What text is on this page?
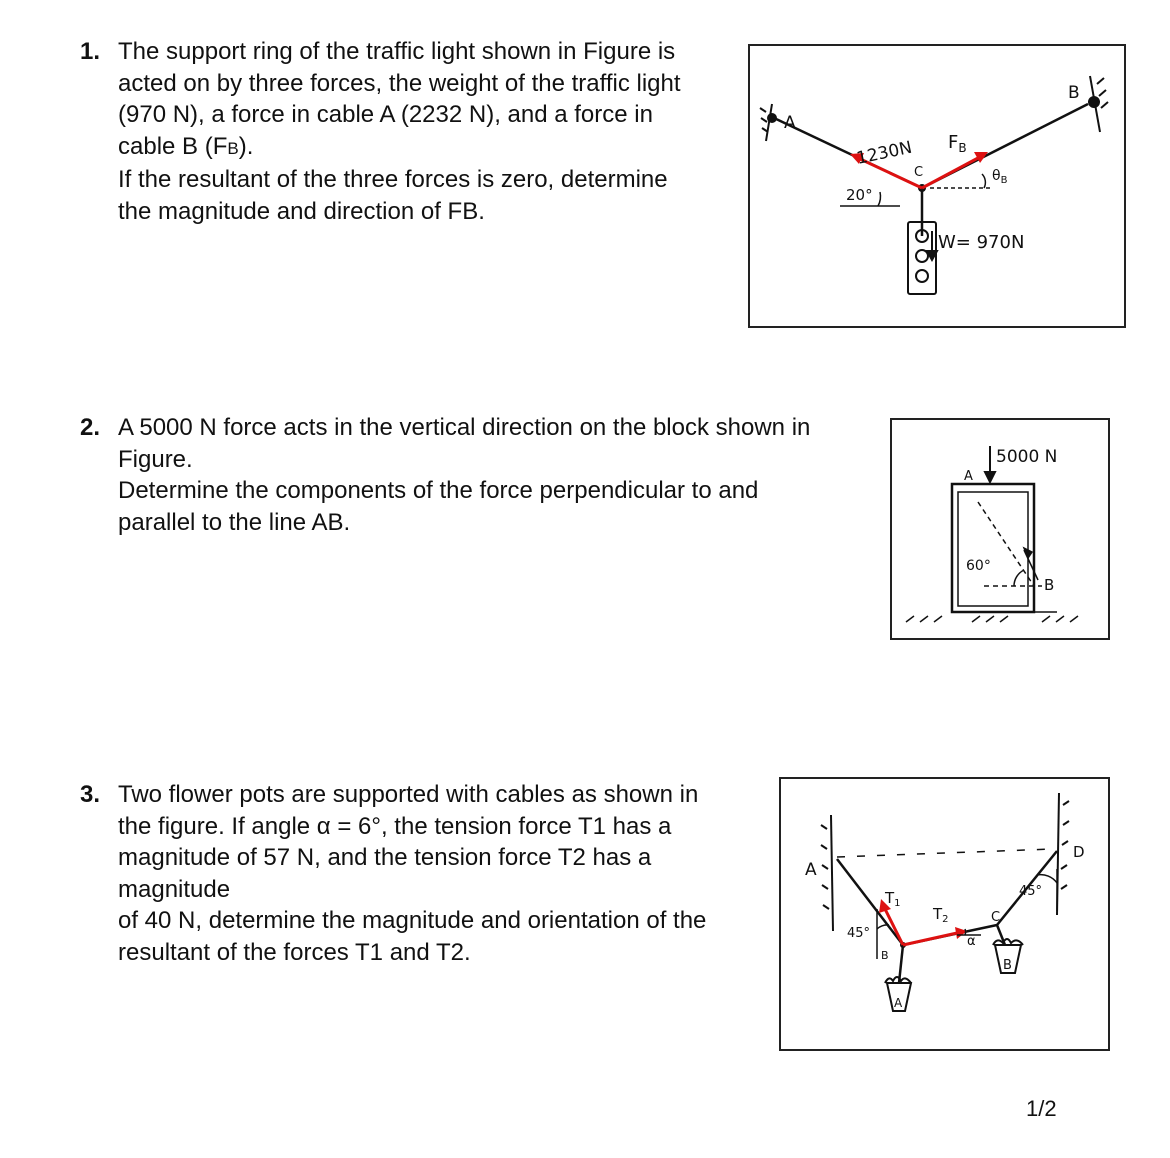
1. The support ring of the traffic light shown in Figure is

acted on by three forces, the weight of the traffic light

(970 N), a force in cable A (2232 N), and a force in

cable B (FB).

If the resultant of the three forces is zero, determine

the magnitude and direction of FB.

A
B
C
1230N $F_B$
20°
$\theta_B$
W= 970N
2. A 5000 N force acts in the vertical direction on the block shown in

Figure.

Determine the components of the force perpendicular to and

parallel to the line AB.

5000 N
A
60°
B
3. Two flower pots are supported with cables as shown in

the figure. If angle α = 6°, the tension force T1 has a

magnitude of 57 N, and the tension force T2 has a

magnitude

of 40 N, determine the magnitude and orientation of the

resultant of the forces T1 and T2.

A
D
B
C
$T_1$
$T_2$
45°
45°
α
A
B
1/2
